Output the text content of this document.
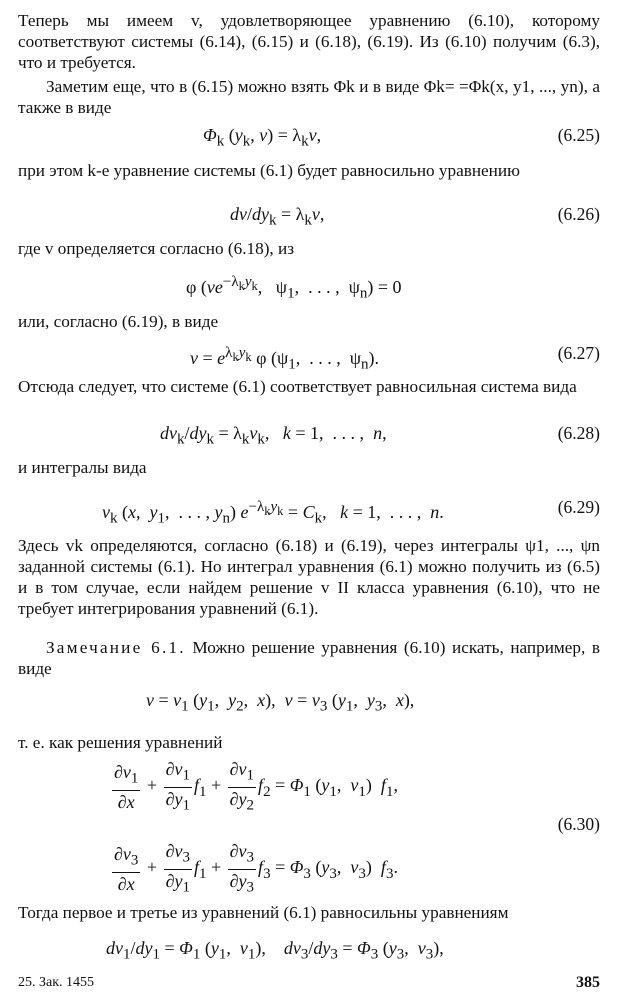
Теперь мы имеем v, удовлетворяющее уравнению (6.10), которому соответствуют системы (6.14), (6.15) и (6.18), (6.19). Из (6.10) получим (6.3), что и требуется.
Заметим еще, что в (6.15) можно взять Φk и в виде Φk= =Φk(x, y1, ..., yn), а также в виде
$\Phi_k$ ($y_k$, $v) = \lambda_kv$,	(6.25)
при этом k-е уравнение системы (6.1) будет равносильно уравнению
$dv/dy_k = \lambda_kv$,	(6.26)
где v определяется согласно (6.18), из
φ ($ve^{-\lambda_ky_k}$,   $\psi_1$,  . . . ,  $\psi_n) = 0$
или, согласно (6.19), в виде
$v = e^{\lambda_ky_k}$ φ ($\psi_1$,  . . . ,  $\psi_n$).	(6.27)
Отсюда следует, что системе (6.1) соответствует равносильная система вида
$dv_k/dy_k = \lambda_kv_k$,   k = 1,  . . . ,  n,	(6.28)
и интегралы вида
$v_k$ (x,  $y_1$,  . . . , $y_n$) $e^{-\lambda_ky_k} = C_k$,   k = 1,  . . . ,  n.	(6.29)
Здесь vk определяются, согласно (6.18) и (6.19), через интегралы ψ1, ..., ψn заданной системы (6.1). Но интеграл уравнения (6.1) можно получить из (6.5) и в том случае, если найдем решение v II класса уравнения (6.10), что не требует интегрирования уравнений (6.1).
Замечание 6.1. Можно решение уравнения (6.10) искать, например, в виде
$v = v_1$ ($y_1$,  $y_2$,  x),  $v = v_3$ ($y_1$,  $y_3$,  x),
т. е. как решения уравнений
$\frac{\partial v_1}{\partial x} + \frac{\partial v_1}{\partial y_1} f_1 + \frac{\partial v_1}{\partial y_2} f_2 = \Phi_1$ ($y_1$,  $v_1$)  $f_1$,
(6.30)
$\frac{\partial v_3}{\partial x} + \frac{\partial v_3}{\partial y_1} f_1 + \frac{\partial v_3}{\partial y_3} f_3 = \Phi_3$ ($y_3$,  $v_3$)  $f_3$.
Тогда первое и третье из уравнений (6.1) равносильны уравнениям
$dv_1/dy_1 = \Phi_1$ ($y_1$,  $v_1$),    $dv_3/dy_3 = \Phi_3$ ($y_3$,  $v_3$),
25. Зак. 1455	385
